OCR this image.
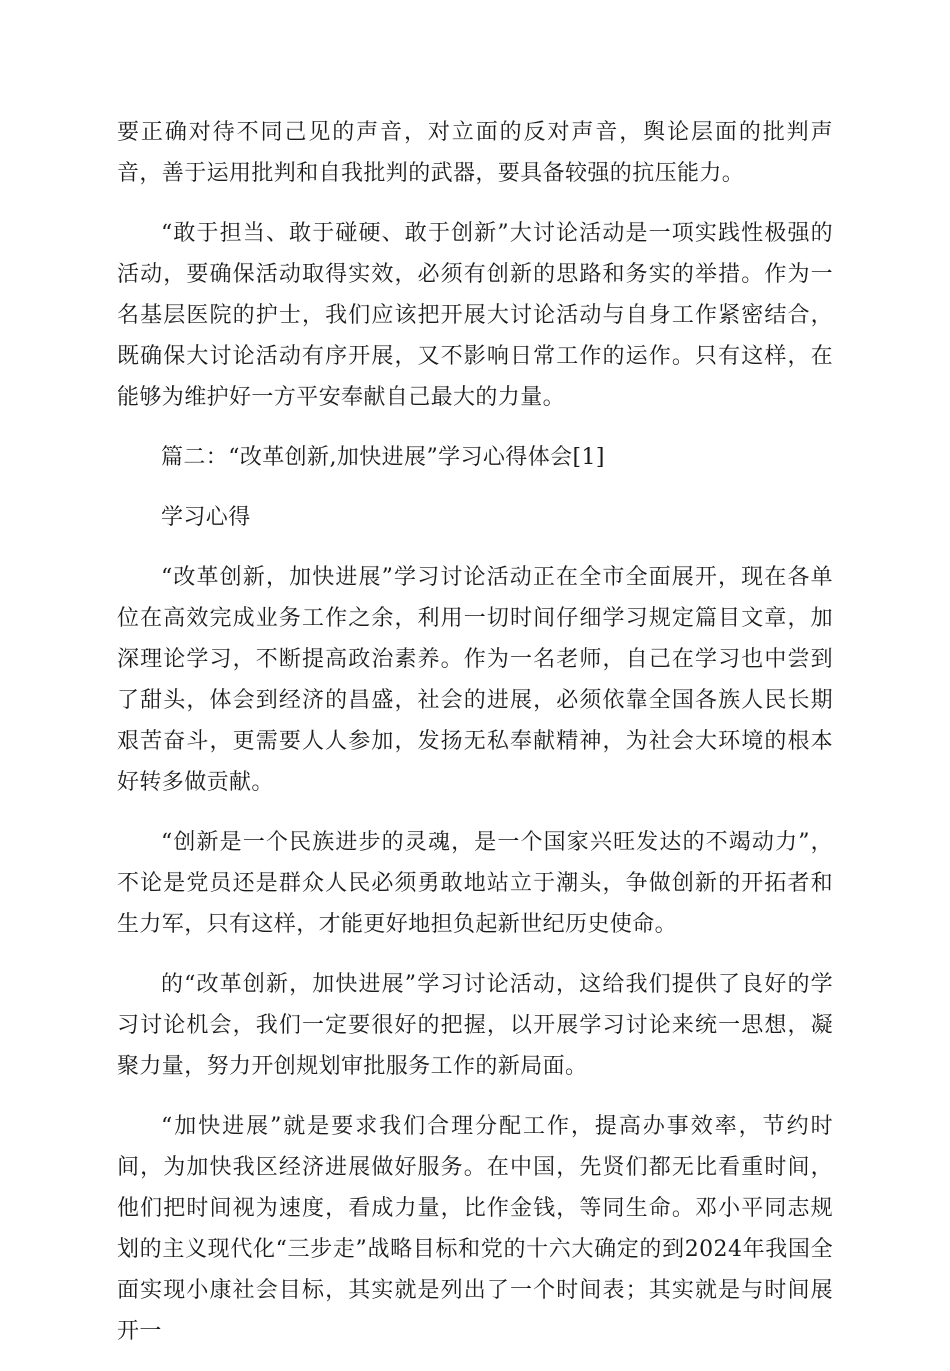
要正确对待不同己见的声音，对立面的反对声音，舆论层面的批判声音，善于运用批判和自我批判的武器，要具备较强的抗压能力。

“敢于担当、敢于碰硬、敢于创新”大讨论活动是一项实践性极强的活动，要确保活动取得实效，必须有创新的思路和务实的举措。作为一名基层医院的护士，我们应该把开展大讨论活动与自身工作紧密结合，既确保大讨论活动有序开展，又不影响日常工作的运作。只有这样，在能够为维护好一方平安奉献自己最大的力量。

篇二：“改革创新,加快进展”学习心得体会[1]

学习心得

“改革创新，加快进展”学习讨论活动正在全市全面展开，现在各单位在高效完成业务工作之余，利用一切时间仔细学习规定篇目文章，加深理论学习，不断提高政治素养。作为一名老师，自己在学习也中尝到了甜头，体会到经济的昌盛，社会的进展，必须依靠全国各族人民长期艰苦奋斗，更需要人人参加，发扬无私奉献精神，为社会大环境的根本好转多做贡献。

“创新是一个民族进步的灵魂，是一个国家兴旺发达的不竭动力”，不论是党员还是群众人民必须勇敢地站立于潮头，争做创新的开拓者和生力军，只有这样，才能更好地担负起新世纪历史使命。

的“改革创新，加快进展”学习讨论活动，这给我们提供了良好的学习讨论机会，我们一定要很好的把握，以开展学习讨论来统一思想，凝聚力量，努力开创规划审批服务工作的新局面。

“加快进展”就是要求我们合理分配工作，提高办事效率，节约时间，为加快我区经济进展做好服务。在中国，先贤们都无比看重时间，他们把时间视为速度，看成力量，比作金钱，等同生命。邓小平同志规划的主义现代化“三步走”战略目标和党的十六大确定的到2024年我国全面实现小康社会目标，其实就是列出了一个时间表；其实就是与时间展开一
